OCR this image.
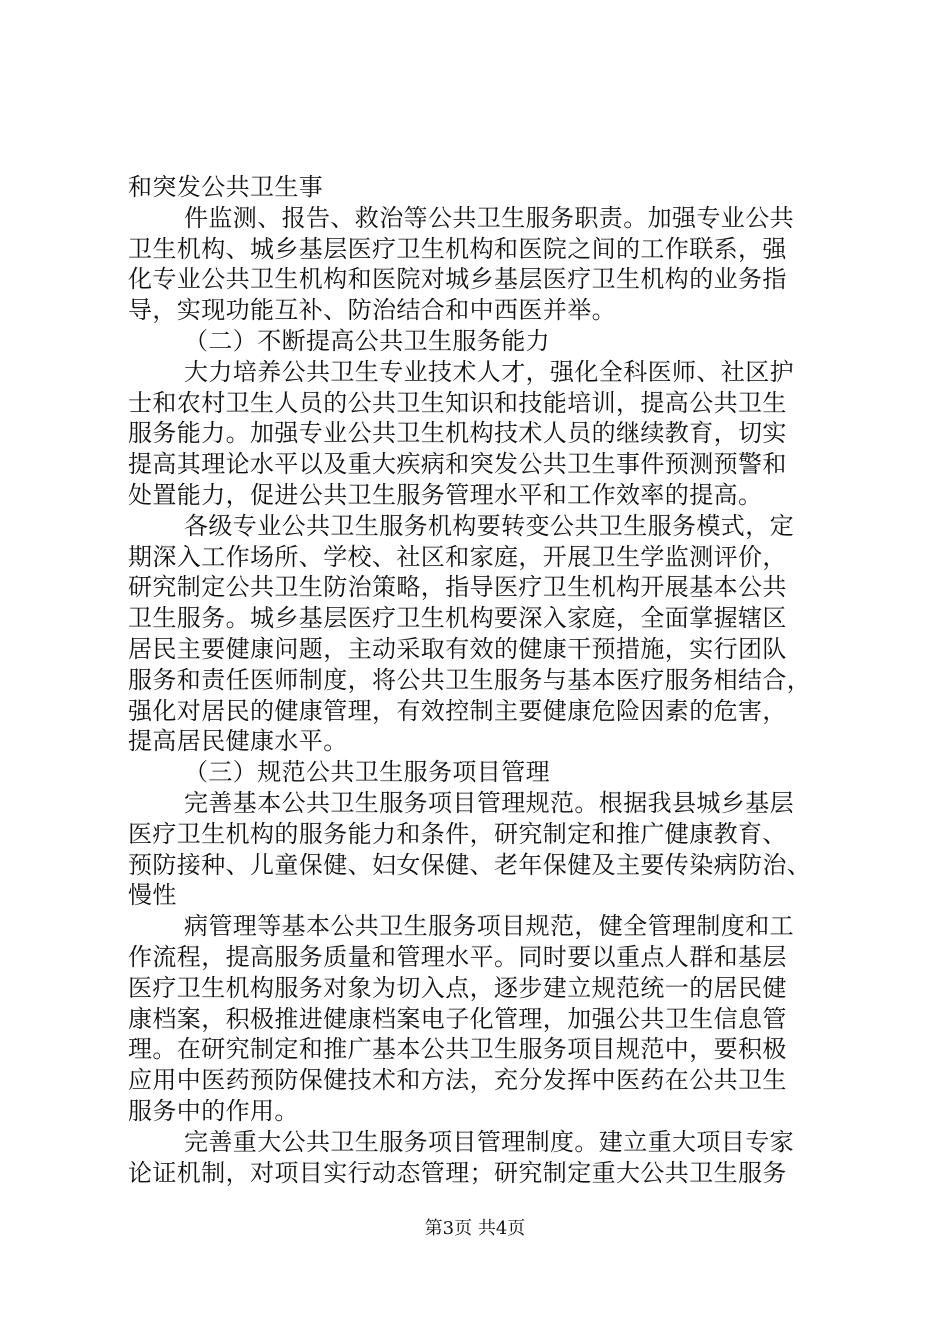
和突发公共卫生事
件监测、报告、救治等公共卫生服务职责。加强专业公共
卫生机构、城乡基层医疗卫生机构和医院之间的工作联系，强
化专业公共卫生机构和医院对城乡基层医疗卫生机构的业务指
导，实现功能互补、防治结合和中西医并举。
（二）不断提高公共卫生服务能力
大力培养公共卫生专业技术人才，强化全科医师、社区护
士和农村卫生人员的公共卫生知识和技能培训，提高公共卫生
服务能力。加强专业公共卫生机构技术人员的继续教育，切实
提高其理论水平以及重大疾病和突发公共卫生事件预测预警和
处置能力，促进公共卫生服务管理水平和工作效率的提高。
各级专业公共卫生服务机构要转变公共卫生服务模式，定
期深入工作场所、学校、社区和家庭，开展卫生学监测评价，
研究制定公共卫生防治策略，指导医疗卫生机构开展基本公共
卫生服务。城乡基层医疗卫生机构要深入家庭，全面掌握辖区
居民主要健康问题，主动采取有效的健康干预措施，实行团队
服务和责任医师制度，将公共卫生服务与基本医疗服务相结合，
强化对居民的健康管理，有效控制主要健康危险因素的危害，
提高居民健康水平。
（三）规范公共卫生服务项目管理
完善基本公共卫生服务项目管理规范。根据我县城乡基层
医疗卫生机构的服务能力和条件，研究制定和推广健康教育、
预防接种、儿童保健、妇女保健、老年保健及主要传染病防治、
慢性
病管理等基本公共卫生服务项目规范，健全管理制度和工
作流程，提高服务质量和管理水平。同时要以重点人群和基层
医疗卫生机构服务对象为切入点，逐步建立规范统一的居民健
康档案，积极推进健康档案电子化管理，加强公共卫生信息管
理。在研究制定和推广基本公共卫生服务项目规范中，要积极
应用中医药预防保健技术和方法，充分发挥中医药在公共卫生
服务中的作用。
完善重大公共卫生服务项目管理制度。建立重大项目专家
论证机制，对项目实行动态管理；研究制定重大公共卫生服务
第3页 共4页
